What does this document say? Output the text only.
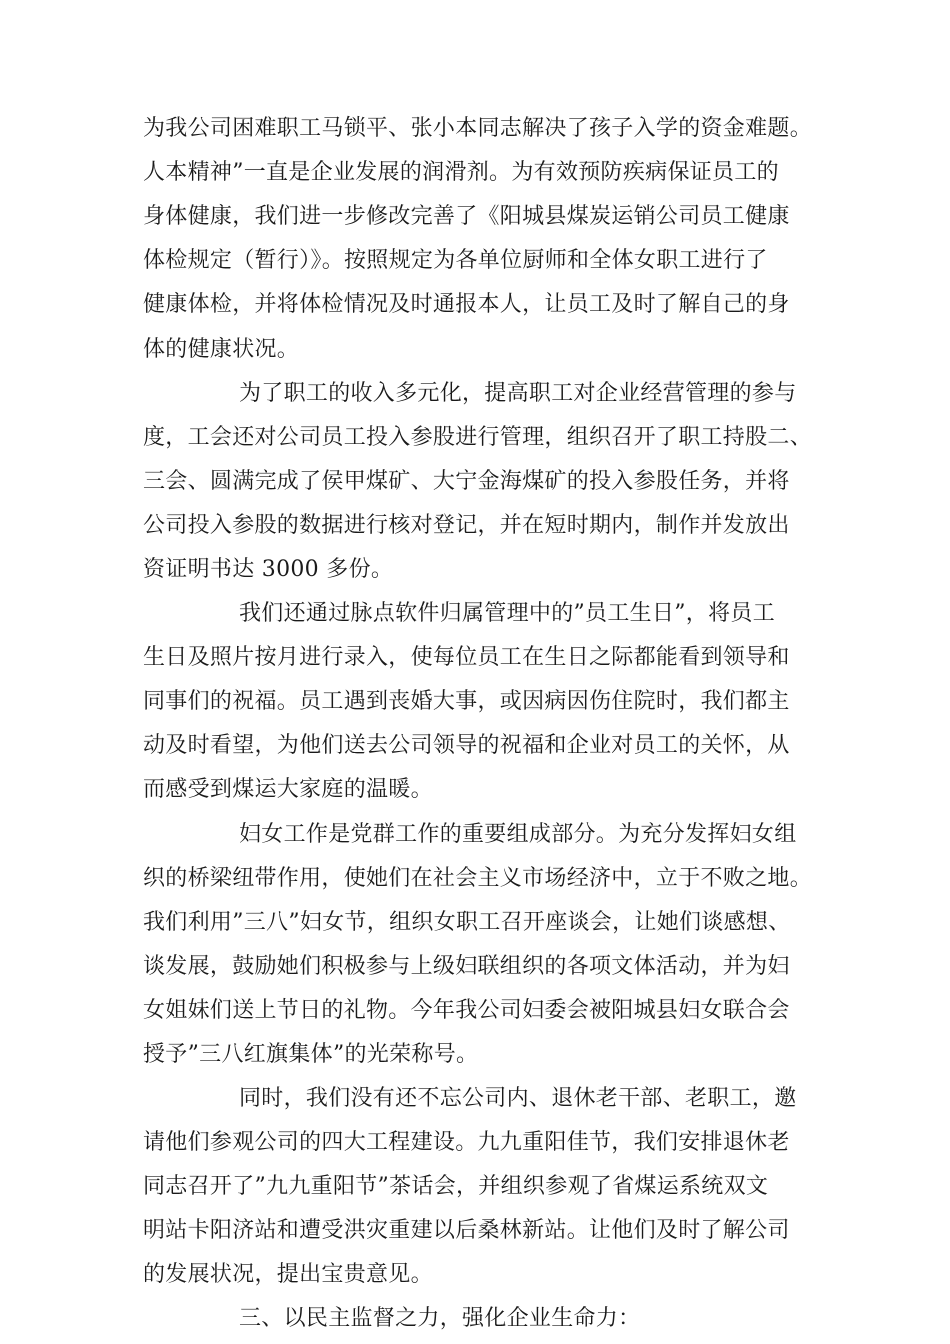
为我公司困难职工马锁平、张小本同志解决了孩子入学的资金难题。
人本精神”一直是企业发展的润滑剂。为有效预防疾病保证员工的
身体健康，我们进一步修改完善了《阳城县煤炭运销公司员工健康
体检规定（暂行）》。按照规定为各单位厨师和全体女职工进行了
健康体检，并将体检情况及时通报本人，让员工及时了解自己的身
体的健康状况。
为了职工的收入多元化，提高职工对企业经营管理的参与
度，工会还对公司员工投入参股进行管理，组织召开了职工持股二、
三会、圆满完成了侯甲煤矿、大宁金海煤矿的投入参股任务，并将
公司投入参股的数据进行核对登记，并在短时期内，制作并发放出
资证明书达 3000 多份。
我们还通过脉点软件归属管理中的”员工生日”，将员工
生日及照片按月进行录入，使每位员工在生日之际都能看到领导和
同事们的祝福。员工遇到丧婚大事，或因病因伤住院时，我们都主
动及时看望，为他们送去公司领导的祝福和企业对员工的关怀，从
而感受到煤运大家庭的温暖。
妇女工作是党群工作的重要组成部分。为充分发挥妇女组
织的桥梁纽带作用，使她们在社会主义市场经济中，立于不败之地。
我们利用”三八”妇女节，组织女职工召开座谈会，让她们谈感想、
谈发展，鼓励她们积极参与上级妇联组织的各项文体活动，并为妇
女姐妹们送上节日的礼物。今年我公司妇委会被阳城县妇女联合会
授予”三八红旗集体”的光荣称号。
同时，我们没有还不忘公司内、退休老干部、老职工，邀
请他们参观公司的四大工程建设。九九重阳佳节，我们安排退休老
同志召开了”九九重阳节”茶话会，并组织参观了省煤运系统双文
明站卡阳济站和遭受洪灾重建以后桑林新站。让他们及时了解公司
的发展状况，提出宝贵意见。
三、以民主监督之力，强化企业生命力：
